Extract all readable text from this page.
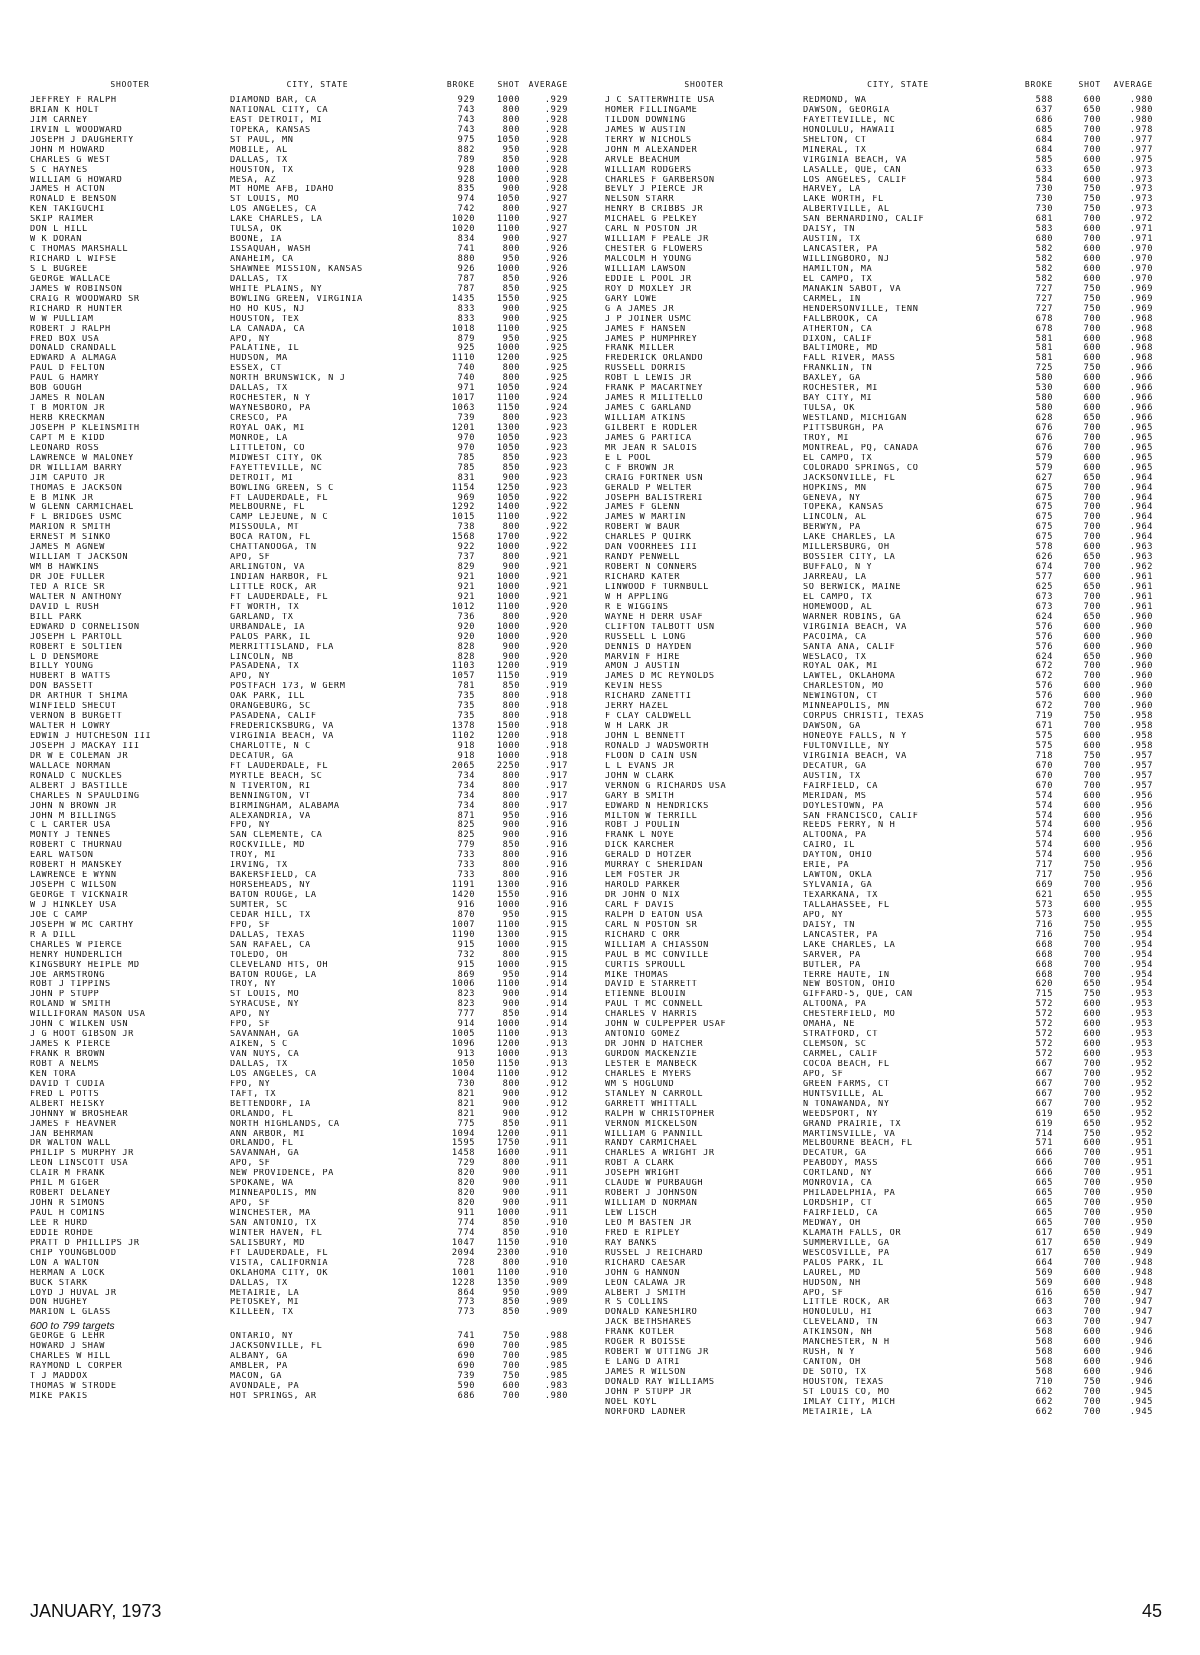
SHOOTER	CITY, STATE	BROKE	SHOT	AVERAGE
JEFFREY F RALPH	DIAMOND BAR, CA	929	1000	.929
BRIAN K HOLT	NATIONAL CITY, CA	743	800	.929
JIM CARNEY	EAST DETROIT, MI	743	800	.928
IRVIN L WOODWARD	TOPEKA, KANSAS	743	800	.928
JOSEPH J DAUGHERTY	ST PAUL, MN	975	1050	.928
JOHN M HOWARD	MOBILE, AL	882	950	.928
CHARLES G WEST	DALLAS, TX	789	850	.928
S C HAYNES	HOUSTON, TX	928	1000	.928
WILLIAM G HOWARD	MESA, AZ	928	1000	.928
JAMES H ACTON	MT HOME AFB, IDAHO	835	900	.928
RONALD E BENSON	ST LOUIS, MO	974	1050	.927
KEN TAKIGUCHI	LOS ANGELES, CA	742	800	.927
SKIP RAIMER	LAKE CHARLES, LA	1020	1100	.927
DON L HILL	TULSA, OK	1020	1100	.927
W K DORAN	BOONE, IA	834	900	.927
C THOMAS MARSHALL	ISSAQUAH, WASH	741	800	.926
RICHARD L WIFSE	ANAHEIM, CA	880	950	.926
S L BUGREE	SHAWNEE MISSION, KANSAS	926	1000	.926
GEORGE WALLACE	DALLAS, TX	787	850	.926
JAMES W ROBINSON	WHITE PLAINS, NY	787	850	.925
CRAIG R WOODWARD SR	BOWLING GREEN, VIRGINIA	1435	1550	.925
RICHARD R HUNTER	HO HO KUS, NJ	833	900	.925
W W PULLIAM	HOUSTON, TEX	833	900	.925
ROBERT J RALPH	LA CANADA, CA	1018	1100	.925
FRED BOX USA	APO, NY	879	950	.925
DONALD CRANDALL	PALATINE, IL	925	1000	.925
EDWARD A ALMAGA	HUDSON, MA	1110	1200	.925
PAUL D FELTON	ESSEX, CT	740	800	.925
PAUL G HAMRY	NORTH BRUNSWICK, N J	740	800	.925
BOB GOUGH	DALLAS, TX	971	1050	.924
JAMES R NOLAN	ROCHESTER, N Y	1017	1100	.924
T B MORTON JR	WAYNESBORO, PA	1063	1150	.924
HERB KRECKMAN	CRESCO, PA	739	800	.923
JOSEPH P KLEINSMITH	ROYAL OAK, MI	1201	1300	.923
CAPT M E KIDD	MONROE, LA	970	1050	.923
LEONARD ROSS	LITTLETON, CO	970	1050	.923
LAWRENCE W MALONEY	MIDWEST CITY, OK	785	850	.923
DR WILLIAM BARRY	FAYETTEVILLE, NC	785	850	.923
JIM CAPUTO JR	DETROIT, MI	831	900	.923
THOMAS E JACKSON	BOWLING GREEN, S C	1154	1250	.923
E B MINK JR	FT LAUDERDALE, FL	969	1050	.922
W GLENN CARMICHAEL	MELBOURNE, FL	1292	1400	.922
F L BRIDGES USMC	CAMP LEJEUNE, N C	1015	1100	.922
MARION R SMITH	MISSOULA, MT	738	800	.922
ERNEST M SINKO	BOCA RATON, FL	1568	1700	.922
JAMES M AGNEW	CHATTANOOGA, TN	922	1000	.922
WILLIAM T JACKSON	APO, SF	737	800	.921
WM B HAWKINS	ARLINGTON, VA	829	900	.921
DR JOE FULLER	INDIAN HARBOR, FL	921	1000	.921
TED A RICE SR	LITTLE ROCK, AR	921	1000	.921
WALTER N ANTHONY	FT LAUDERDALE, FL	921	1000	.921
DAVID L RUSH	FT WORTH, TX	1012	1100	.920
BILL PARK	GARLAND, TX	736	800	.920
EDWARD D CORNELISON	URBANDALE, IA	920	1000	.920
JOSEPH L PARTOLL	PALOS PARK, IL	920	1000	.920
ROBERT E SOLTIEN	MERRITTISLAND, FLA	828	900	.920
L D DENSMORE	LINCOLN, NB	828	900	.920
BILLY YOUNG	PASADENA, TX	1103	1200	.919
HUBERT B WATTS	APO, NY	1057	1150	.919
DON BASSETT	POSTFACH 173, W GERM	781	850	.919
DR ARTHUR T SHIMA	OAK PARK, ILL	735	800	.918
WINFIELD SHECUT	ORANGEBURG, SC	735	800	.918
VERNON B BURGETT	PASADENA, CALIF	735	800	.918
WALTER H LOWRY	FREDERICKSBURG, VA	1378	1500	.918
EDWIN J HUTCHESON III	VIRGINIA BEACH, VA	1102	1200	.918
JOSEPH J MACKAY III	CHARLOTTE, N C	918	1000	.918
DR W E COLEMAN JR	DECATUR, GA	918	1000	.918
WALLACE NORMAN	FT LAUDERDALE, FL	2065	2250	.917
RONALD C NUCKLES	MYRTLE BEACH, SC	734	800	.917
ALBERT J BASTILLE	N TIVERTON, RI	734	800	.917
CHARLES N SPAULDING	BENNINGTON, VT	734	800	.917
JOHN N BROWN JR	BIRMINGHAM, ALABAMA	734	800	.917
JOHN M BILLINGS	ALEXANDRIA, VA	871	950	.916
C L CARTER USA	FPO, NY	825	900	.916
MONTY J TENNES	SAN CLEMENTE, CA	825	900	.916
ROBERT C THURNAU	ROCKVILLE, MD	779	850	.916
EARL WATSON	TROY, MI	733	800	.916
ROBERT H MANSKEY	IRVING, TX	733	800	.916
LAWRENCE E WYNN	BAKERSFIELD, CA	733	800	.916
JOSEPH C WILSON	HORSEHEADS, NY	1191	1300	.916
GEORGE T VICKNAIR	BATON ROUGE, LA	1420	1550	.916
W J HINKLEY USA	SUMTER, SC	916	1000	.916
JOE C CAMP	CEDAR HILL, TX	870	950	.915
JOSEPH W MC CARTHY	FPO, SF	1007	1100	.915
R A DILL	DALLAS, TEXAS	1190	1300	.915
CHARLES W PIERCE	SAN RAFAEL, CA	915	1000	.915
HENRY HUNDERLICH	TOLEDO, OH	732	800	.915
KINGSBURY HEIPLE MD	CLEVELAND HTS, OH	915	1000	.915
JOE ARMSTRONG	BATON ROUGE, LA	869	950	.914
ROBT J TIPPINS	TROY, NY	1006	1100	.914
JOHN P STUPP	ST LOUIS, MO	823	900	.914
ROLAND W SMITH	SYRACUSE, NY	823	900	.914
WILLIFORAN MASON USA	APO, NY	777	850	.914
JOHN C WILKEN USN	FPO, SF	914	1000	.914
J G HOOT GIBSON JR	SAVANNAH, GA	1005	1100	.913
JAMES K PIERCE	AIKEN, S C	1096	1200	.913
FRANK R BROWN	VAN NUYS, CA	913	1000	.913
ROBT A NELMS	DALLAS, TX	1050	1150	.913
KEN TORA	LOS ANGELES, CA	1004	1100	.912
DAVID T CUDIA	FPO, NY	730	800	.912
FRED L POTTS	TAFT, TX	821	900	.912
ALBERT HEISKY	BETTENDORF, IA	821	900	.912
JOHNNY W BROSHEAR	ORLANDO, FL	821	900	.912
JAMES F HEAVNER	NORTH HIGHLANDS, CA	775	850	.911
JAN BEHRMAN	ANN ARBOR, MI	1094	1200	.911
DR WALTON WALL	ORLANDO, FL	1595	1750	.911
PHILIP S MURPHY JR	SAVANNAH, GA	1458	1600	.911
LEON LINSCOTT USA	APO, SF	729	800	.911
CLAIR M FRANK	NEW PROVIDENCE, PA	820	900	.911
PHIL M GIGER	SPOKANE, WA	820	900	.911
ROBERT DELANEY	MINNEAPOLIS, MN	820	900	.911
JOHN R SIMONS	APO, SF	820	900	.911
PAUL H COMINS	WINCHESTER, MA	911	1000	.911
LEE R HURD	SAN ANTONIO, TX	774	850	.910
EDDIE ROHDE	WINTER HAVEN, FL	774	850	.910
PRATT D PHILLIPS JR	SALISBURY, MD	1047	1150	.910
CHIP YOUNGBLOOD	FT LAUDERDALE, FL	2094	2300	.910
LON A WALTON	VISTA, CALIFORNIA	728	800	.910
HERMAN A LOCK	OKLAHOMA CITY, OK	1001	1100	.910
BUCK STARK	DALLAS, TX	1228	1350	.909
LOYD J HUVAL JR	METAIRIE, LA	864	950	.909
DON HUGHEY	PETOSKEY, MI	773	850	.909
MARION L GLASS	KILLEEN, TX	773	850	.909
600 to 799 targets
GEORGE G LEHR	ONTARIO, NY	741	750	.988
HOWARD J SHAW	JACKSONVILLE, FL	690	700	.985
CHARLES W HILL	ALBANY, GA	690	700	.985
RAYMOND L CORPER	AMBLER, PA	690	700	.985
T J MADDOX	MACON, GA	739	750	.985
THOMAS W STRODE	AVONDALE, PA	590	600	.983
MIKE PAKIS	HOT SPRINGS, AR	686	700	.980
SHOOTER	CITY, STATE	BROKE	SHOT	AVERAGE
J C SATTERWHITE USA	REDMOND, WA	588	600	.980
HOMER FILLINGAME	DAWSON, GEORGIA	637	650	.980
TILDON DOWNING	FAYETTEVILLE, NC	686	700	.980
JAMES W AUSTIN	HONOLULU, HAWAII	685	700	.978
TERRY W NICHOLS	SHELTON, CT	684	700	.977
JOHN M ALEXANDER	MINERAL, TX	684	700	.977
ARVLE BEACHUM	VIRGINIA BEACH, VA	585	600	.975
WILLIAM RODGERS	LASALLE, QUE, CAN	633	650	.973
CHARLES F GARBERSON	LOS ANGELES, CALIF	584	600	.973
BEVLY J PIERCE JR	HARVEY, LA	730	750	.973
NELSON STARR	LAKE WORTH, FL	730	750	.973
HENRY B CRIBBS JR	ALBERTVILLE, AL	730	750	.973
MICHAEL G PELKEY	SAN BERNARDINO, CALIF	681	700	.972
CARL N POSTON JR	DAISY, TN	583	600	.971
WILLIAM F PEALE JR	AUSTIN, TX	680	700	.971
CHESTER G FLOWERS	LANCASTER, PA	582	600	.970
MALCOLM H YOUNG	WILLINGBORO, NJ	582	600	.970
WILLIAM LAWSON	HAMILTON, MA	582	600	.970
EDDIE L POOL JR	EL CAMPO, TX	582	600	.970
ROY D MOXLEY JR	MANAKIN SABOT, VA	727	750	.969
GARY LOWE	CARMEL, IN	727	750	.969
G A JAMES JR	HENDERSONVILLE, TENN	727	750	.969
J P JOINER USMC	FALLBROOK, CA	678	700	.968
JAMES F HANSEN	ATHERTON, CA	678	700	.968
JAMES P HUMPHREY	DIXON, CALIF	581	600	.968
FRANK MILLER	BALTIMORE, MD	581	600	.968
FREDERICK ORLANDO	FALL RIVER, MASS	581	600	.968
RUSSELL DORRIS	FRANKLIN, TN	725	750	.966
ROBT L LEWIS JR	BAXLEY, GA	580	600	.966
FRANK P MACARTNEY	ROCHESTER, MI	530	600	.966
JAMES R MILITELLO	BAY CITY, MI	580	600	.966
JAMES C GARLAND	TULSA, OK	580	600	.966
WILLIAM ATKINS	WESTLAND, MICHIGAN	628	650	.966
GILBERT E RODLER	PITTSBURGH, PA	676	700	.965
JAMES G PARTICA	TROY, MI	676	700	.965
MR JEAN R SALOIS	MONTREAL, PQ, CANADA	676	700	.965
E L POOL	EL CAMPO, TX	579	600	.965
C F BROWN JR	COLORADO SPRINGS, CO	579	600	.965
CRAIG FORTNER USN	JACKSONVILLE, FL	627	650	.964
GERALD P WELTER	HOPKINS, MN	675	700	.964
JOSEPH BALISTRERI	GENEVA, NY	675	700	.964
JAMES F GLENN	TOPEKA, KANSAS	675	700	.964
JAMES W MARTIN	LINCOLN, AL	675	700	.964
ROBERT W BAUR	BERWYN, PA	675	700	.964
CHARLES P QUIRK	LAKE CHARLES, LA	675	700	.964
DAN VOORHEES III	MILLERSBURG, OH	578	600	.963
RANDY PENWELL	BOSSIER CITY, LA	626	650	.963
ROBERT N CONNERS	BUFFALO, N Y	674	700	.962
RICHARD KATER	JARREAU, LA	577	600	.961
LINWOOD F TURNBULL	SO BERWICK, MAINE	625	650	.961
W H APPLING	EL CAMPO, TX	673	700	.961
R E WIGGINS	HOMEWOOD, AL	673	700	.961
WAYNE H DERR USAF	WARNER ROBINS, GA	624	650	.960
CLIFTON TALBOTT USN	VIRGINIA BEACH, VA	576	600	.960
RUSSELL L LONG	PACOIMA, CA	576	600	.960
DENNIS D HAYDEN	SANTA ANA, CALIF	576	600	.960
MARVIN F HIRE	WESLACO, TX	624	650	.960
AMON J AUSTIN	ROYAL OAK, MI	672	700	.960
JAMES D MC REYNOLDS	LAWTEL, OKLAHOMA	672	700	.960
KEVIN HESS	CHARLESTON, MO	576	600	.960
RICHARD ZANETTI	NEWINGTON, CT	576	600	.960
JERRY HAZEL	MINNEAPOLIS, MN	672	700	.960
F CLAY CALDWELL	CORPUS CHRISTI, TEXAS	719	750	.958
W H LARK JR	DAWSON, GA	671	700	.958
JOHN L BENNETT	HONEOYE FALLS, N Y	575	600	.958
RONALD J WADSWORTH	FULTONVILLE, NY	575	600	.958
FLOON D CAIN USN	VIRGINIA BEACH, VA	718	750	.957
L L EVANS JR	DECATUR, GA	670	700	.957
JOHN W CLARK	AUSTIN, TX	670	700	.957
VERNON G RICHARDS USA	FAIRFIELD, CA	670	700	.957
GARY B SMITH	MERIDAN, MS	574	600	.956
EDWARD N HENDRICKS	DOYLESTOWN, PA	574	600	.956
MILTON W TERRILL	SAN FRANCISCO, CALIF	574	600	.956
ROBT J POULIN	REEDS FERRY, N H	574	600	.956
FRANK L NOYE	ALTOONA, PA	574	600	.956
DICK KARCHER	CAIRO, IL	574	600	.956
GERALD D HOTZER	DAYTON, OHIO	574	600	.956
MURRAY C SHERIDAN	ERIE, PA	717	750	.956
LEM FOSTER JR	LAWTON, OKLA	717	750	.956
HAROLD PARKER	SYLVANIA, GA	669	700	.956
DR JOHN O NIX	TEXARKANA, TX	621	650	.955
CARL F DAVIS	TALLAHASSEE, FL	573	600	.955
RALPH D EATON USA	APO, NY	573	600	.955
CARL N POSTON SR	DAISY, TN	716	750	.955
RICHARD C ORR	LANCASTER, PA	716	750	.954
WILLIAM A CHIASSON	LAKE CHARLES, LA	668	700	.954
PAUL B MC CONVILLE	SARVER, PA	668	700	.954
CURTIS SPROULL	BUTLER, PA	668	700	.954
MIKE THOMAS	TERRE HAUTE, IN	668	700	.954
DAVID E STARRETT	NEW BOSTON, OHIO	620	650	.954
ETIENNE BLOUIN	GIFFARD-5, QUE, CAN	715	750	.953
PAUL T MC CONNELL	ALTOONA, PA	572	600	.953
CHARLES V HARRIS	CHESTERFIELD, MO	572	600	.953
JOHN W CULPEPPER USAF	OMAHA, NE	572	600	.953
ANTONIO GOMEZ	STRATFORD, CT	572	600	.953
DR JOHN D HATCHER	CLEMSON, SC	572	600	.953
GURDON MACKENZIE	CARMEL, CALIF	572	600	.953
LESTER E MANBECK	COCOA BEACH, FL	667	700	.952
CHARLES E MYERS	APO, SF	667	700	.952
WM S HOGLUND	GREEN FARMS, CT	667	700	.952
STANLEY N CARROLL	HUNTSVILLE, AL	667	700	.952
GARRETT WHITTALL	N TONAWANDA, NY	667	700	.952
RALPH W CHRISTOPHER	WEEDSPORT, NY	619	650	.952
VERNON MICKELSON	GRAND PRAIRIE, TX	619	650	.952
WILLIAM G PANNILL	MARTINSVILLE, VA	714	750	.952
RANDY CARMICHAEL	MELBOURNE BEACH, FL	571	600	.951
CHARLES A WRIGHT JR	DECATUR, GA	666	700	.951
ROBT A CLARK	PEABODY, MASS	666	700	.951
JOSEPH WRIGHT	CORTLAND, NY	666	700	.951
CLAUDE W PURBAUGH	MONROVIA, CA	665	700	.950
ROBERT J JOHNSON	PHILADELPHIA, PA	665	700	.950
WILLIAM D NORMAN	LORDSHIP, CT	665	700	.950
LEW LISCH	FAIRFIELD, CA	665	700	.950
LEO M BASTEN JR	MEDWAY, OH	665	700	.950
FRED E RIPLEY	KLAMATH FALLS, OR	617	650	.949
RAY BANKS	SUMMERVILLE, GA	617	650	.949
RUSSEL J REICHARD	WESCOSVILLE, PA	617	650	.949
RICHARD CAESAR	PALOS PARK, IL	664	700	.948
JOHN G HANNON	LAUREL, MD	569	600	.948
LEON CALAWA JR	HUDSON, NH	569	600	.948
ALBERT J SMITH	APO, SF	616	650	.947
R S COLLINS	LITTLE ROCK, AR	663	700	.947
DONALD KANESHIRO	HONOLULU, HI	663	700	.947
JACK BETHSHARES	CLEVELAND, TN	663	700	.947
FRANK KOTLER	ATKINSON, NH	568	600	.946
ROGER R BOISSE	MANCHESTER, N H	568	600	.946
ROBERT W UTTING JR	RUSH, N Y	568	600	.946
E LANG D ATRI	CANTON, OH	568	600	.946
JAMES R WILSON	DE SOTO, TX	568	600	.946
DONALD RAY WILLIAMS	HOUSTON, TEXAS	710	750	.946
JOHN P STUPP JR	ST LOUIS CO, MO	662	700	.945
NOEL KOYL	IMLAY CITY, MICH	662	700	.945
NORFORD LADNER	METAIRIE, LA	662	700	.945
JANUARY, 1973	45
